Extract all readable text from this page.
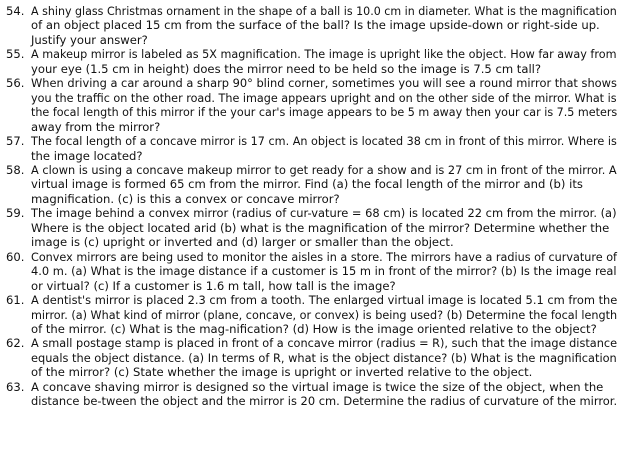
54. A shiny glass Christmas ornament in the shape of a ball is 10.0 cm in diameter. What is the magnification
of an object placed 15 cm from the surface of the ball? Is the image upside-down or right-side up.
Justify your answer?
55. A makeup mirror is labeled as 5X magnification. The image is upright like the object. How far away from
your eye (1.5 cm in height) does the mirror need to be held so the image is 7.5 cm tall?
56. When driving a car around a sharp 90° blind corner, sometimes you will see a round mirror that shows
you the traffic on the other road. The image appears upright and on the other side of the mirror. What is
the focal length of this mirror if the your car's image appears to be 5 m away then your car is 7.5 meters
away from the mirror?
57. The focal length of a concave mirror is 17 cm. An object is located 38 cm in front of this mirror. Where is
the image located?
58. A clown is using a concave makeup mirror to get ready for a show and is 27 cm in front of the mirror. A
virtual image is formed 65 cm from the mirror. Find (a) the focal length of the mirror and (b) its
magnification. (c) is this a convex or concave mirror?
59. The image behind a convex mirror (radius of cur-vature = 68 cm) is located 22 cm from the mirror. (a)
Where is the object located arid (b) what is the magnification of the mirror? Determine whether the
image is (c) upright or inverted and (d) larger or smaller than the object.
60. Convex mirrors are being used to monitor the aisles in a store. The mirrors have a radius of curvature of
4.0 m. (a) What is the image distance if a customer is 15 m in front of the mirror? (b) Is the image real
or virtual? (c) If a customer is 1.6 m tall, how tall is the image?
61. A dentist's mirror is placed 2.3 cm from a tooth. The enlarged virtual image is located 5.1 cm from the
mirror. (a) What kind of mirror (plane, concave, or convex) is being used? (b) Determine the focal length
of the mirror. (c) What is the mag-nification? (d) How is the image oriented relative to the object?
62. A small postage stamp is placed in front of a concave mirror (radius = R), such that the image distance
equals the object distance. (a) In terms of R, what is the object distance? (b) What is the magnification
of the mirror? (c) State whether the image is upright or inverted relative to the object.
63. A concave shaving mirror is designed so the virtual image is twice the size of the object, when the
distance be-tween the object and the mirror is 20 cm. Determine the radius of curvature of the mirror.
